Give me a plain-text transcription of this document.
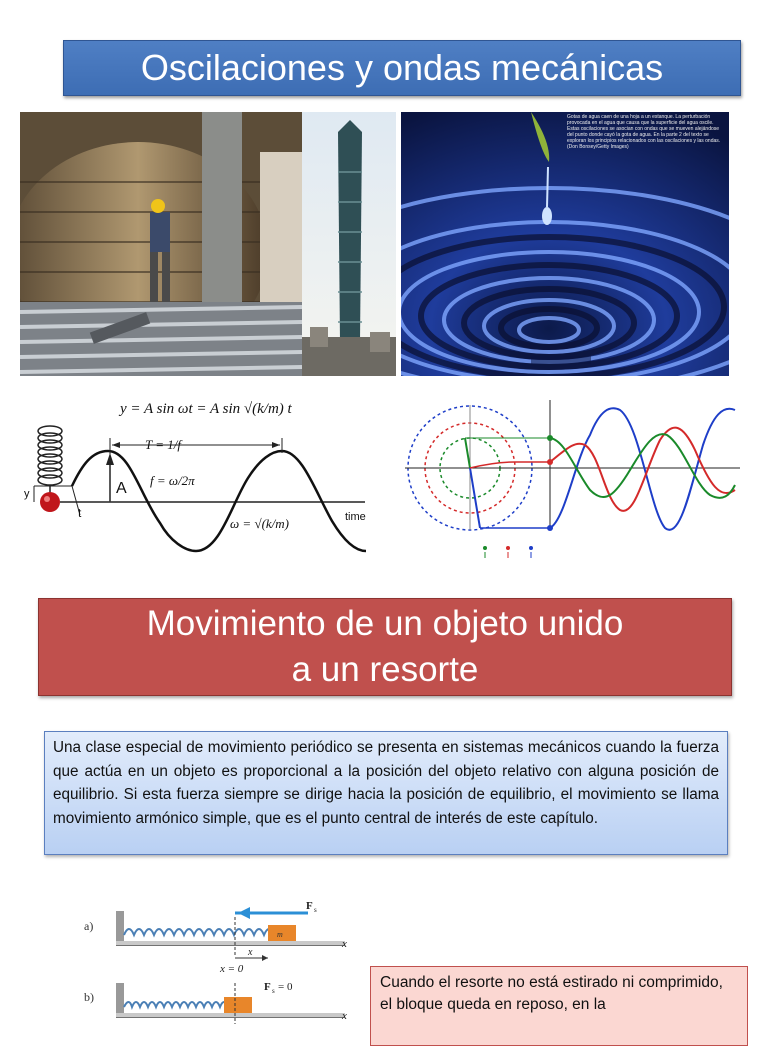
Oscilaciones y ondas mecánicas
Gotas de agua caen de una hoja a un estanque. La perturbación provocada en el agua que causa que la superficie del agua oscile. Estas oscilaciones se asocian con ondas que se mueven alejándose del punto donde cayó la gota de agua. En la parte 2 del texto se exploran los principios relacionados con las oscilaciones y las ondas. (Don Bonsey/Getty Images)
y = A sin ωt = A sin √(k/m) t
T = 1/f
f = ω/2π
ω = √(k/m)
A
y
t	time
Movimiento de un objeto unido
a un resorte
Una clase especial de movimiento periódico se presenta en sistemas mecánicos cuando la fuerza que actúa en un objeto es proporcional a la posición del objeto relativo con alguna posición de equilibrio. Si esta fuerza siempre se dirige hacia la posición de equilibrio, el movimiento se llama movimiento armónico simple, que es el punto central de interés de este capítulo.
a)
m
F s
x
x = 0
x
b)
F s = 0
x
Cuando el resorte no está estirado ni comprimido, el bloque queda en reposo, en la
